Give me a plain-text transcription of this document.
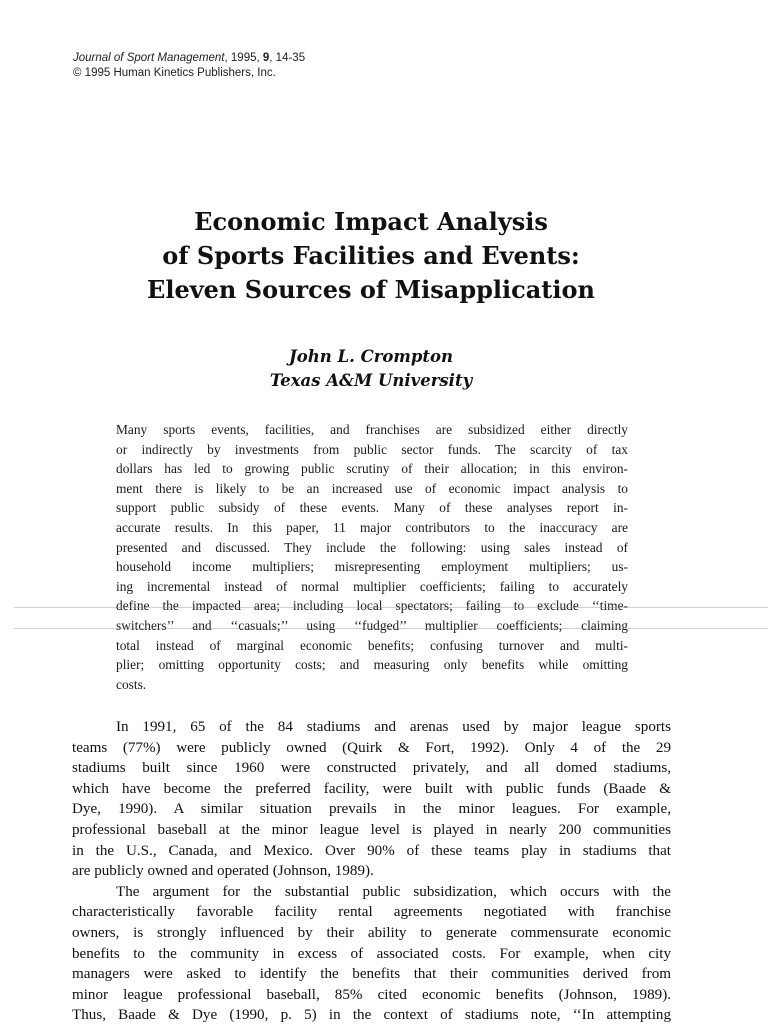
Journal of Sport Management, 1995, 9, 14-35
© 1995 Human Kinetics Publishers, Inc.
Economic Impact Analysis
of Sports Facilities and Events:
Eleven Sources of Misapplication
John L. Crompton
Texas A&M University
Many sports events, facilities, and franchises are subsidized either directly
or indirectly by investments from public sector funds. The scarcity of tax
dollars has led to growing public scrutiny of their allocation; in this environ-
ment there is likely to be an increased use of economic impact analysis to
support public subsidy of these events. Many of these analyses report in-
accurate results. In this paper, 11 major contributors to the inaccuracy are
presented and discussed. They include the following: using sales instead of
household income multipliers; misrepresenting employment multipliers; us-
ing incremental instead of normal multiplier coefficients; failing to accurately
define the impacted area; including local spectators; failing to exclude ‘‘time-
switchers’’ and ‘‘casuals;’’ using ‘‘fudged’’ multiplier coefficients; claiming
total instead of marginal economic benefits; confusing turnover and multi-
plier; omitting opportunity costs; and measuring only benefits while omitting
costs.
In 1991, 65 of the 84 stadiums and arenas used by major league sports
teams (77%) were publicly owned (Quirk & Fort, 1992). Only 4 of the 29
stadiums built since 1960 were constructed privately, and all domed stadiums,
which have become the preferred facility, were built with public funds (Baade &
Dye, 1990). A similar situation prevails in the minor leagues. For example,
professional baseball at the minor league level is played in nearly 200 communities
in the U.S., Canada, and Mexico. Over 90% of these teams play in stadiums that
are publicly owned and operated (Johnson, 1989).
The argument for the substantial public subsidization, which occurs with the
characteristically favorable facility rental agreements negotiated with franchise
owners, is strongly influenced by their ability to generate commensurate economic
benefits to the community in excess of associated costs. For example, when city
managers were asked to identify the benefits that their communities derived from
minor league professional baseball, 85% cited economic benefits (Johnson, 1989).
Thus, Baade & Dye (1990, p. 5) in the context of stadiums note, ‘‘In attempting
